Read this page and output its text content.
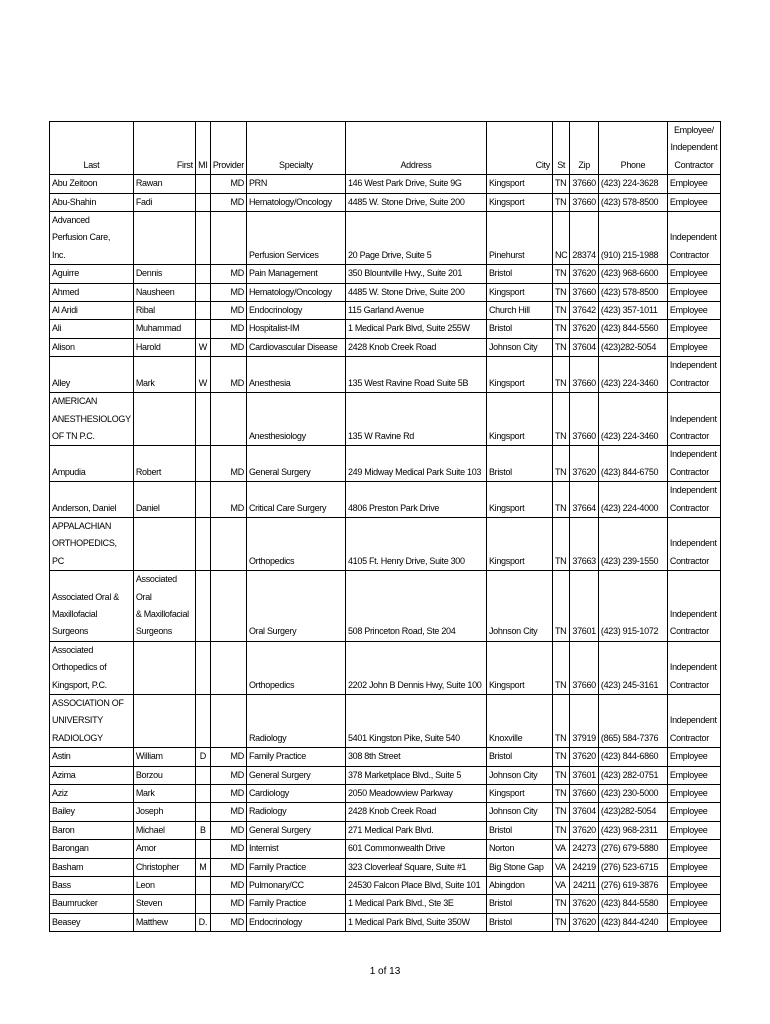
Last	First	MI	Provider	Specialty	Address	City	St	Zip	Phone	Employee/
Independent
Contractor
Abu Zeitoon	Rawan		MD	PRN	146 West Park Drive, Suite 9G	Kingsport	TN	37660	(423) 224-3628	Employee
Abu-Shahin	Fadi		MD	Hematology/Oncology	4485 W. Stone Drive, Suite 200	Kingsport	TN	37660	(423) 578-8500	Employee
Advanced
Perfusion Care,
Inc.				Perfusion Services	20 Page Drive, Suite 5	Pinehurst	NC	28374	(910) 215-1988	Independent
Contractor
Aguirre	Dennis		MD	Pain Management	350 Blountville Hwy., Suite 201	Bristol	TN	37620	(423) 968-6600	Employee
Ahmed	Nausheen		MD	Hematology/Oncology	4485 W. Stone Drive, Suite 200	Kingsport	TN	37660	(423) 578-8500	Employee
Al Aridi	Ribal		MD	Endocrinology	115 Garland Avenue	Church Hill	TN	37642	(423) 357-1011	Employee
Ali	Muhammad		MD	Hospitalist-IM	1 Medical Park Blvd, Suite 255W	Bristol	TN	37620	(423) 844-5560	Employee
Alison	Harold	W	MD	Cardiovascular Disease	2428 Knob Creek Road	Johnson City	TN	37604	(423)282-5054	Employee
Alley	Mark	W	MD	Anesthesia	135 West Ravine Road Suite 5B	Kingsport	TN	37660	(423) 224-3460	Independent
Contractor
AMERICAN
ANESTHESIOLOGY
OF TN P.C.				Anesthesiology	135 W Ravine Rd	Kingsport	TN	37660	(423) 224-3460	Independent
Contractor
Ampudia	Robert		MD	General Surgery	249 Midway Medical Park Suite 103	Bristol	TN	37620	(423) 844-6750	Independent
Contractor
Anderson, Daniel	Daniel		MD	Critical Care Surgery	4806 Preston Park Drive	Kingsport	TN	37664	(423) 224-4000	Independent
Contractor
APPALACHIAN
ORTHOPEDICS, PC				Orthopedics	4105 Ft. Henry Drive, Suite 300	Kingsport	TN	37663	(423) 239-1550	Independent
Contractor
Associated Oral &
Maxillofacial
Surgeons	Associated Oral
& Maxillofacial
Surgeons			Oral Surgery	508 Princeton Road, Ste 204	Johnson City	TN	37601	(423) 915-1072	Independent
Contractor
Associated
Orthopedics of
Kingsport, P.C.				Orthopedics	2202 John B Dennis Hwy, Suite 100	Kingsport	TN	37660	(423) 245-3161	Independent
Contractor
ASSOCIATION OF
UNIVERSITY
RADIOLOGY				Radiology	5401 Kingston Pike, Suite 540	Knoxville	TN	37919	(865) 584-7376	Independent
Contractor
Astin	William	D	MD	Family Practice	308 8th Street	Bristol	TN	37620	(423) 844-6860	Employee
Azima	Borzou		MD	General Surgery	378 Marketplace Blvd., Suite 5	Johnson City	TN	37601	(423) 282-0751	Employee
Aziz	Mark		MD	Cardiology	2050 Meadowview Parkway	Kingsport	TN	37660	(423) 230-5000	Employee
Bailey	Joseph		MD	Radiology	2428 Knob Creek Road	Johnson City	TN	37604	(423)282-5054	Employee
Baron	Michael	B	MD	General Surgery	271 Medical Park Blvd.	Bristol	TN	37620	(423) 968-2311	Employee
Barongan	Amor		MD	Internist	601 Commonwealth Drive	Norton	VA	24273	(276) 679-5880	Employee
Basham	Christopher	M	MD	Family Practice	323 Cloverleaf Square, Suite #1	Big Stone Gap	VA	24219	(276) 523-6715	Employee
Bass	Leon		MD	Pulmonary/CC	24530 Falcon Place Blvd, Suite 101	Abingdon	VA	24211	(276) 619-3876	Employee
Baumrucker	Steven		MD	Family Practice	1 Medical Park Blvd., Ste 3E	Bristol	TN	37620	(423) 844-5580	Employee
Beasey	Matthew	D.	MD	Endocrinology	1 Medical Park Blvd, Suite 350W	Bristol	TN	37620	(423) 844-4240	Employee
1 of 13
